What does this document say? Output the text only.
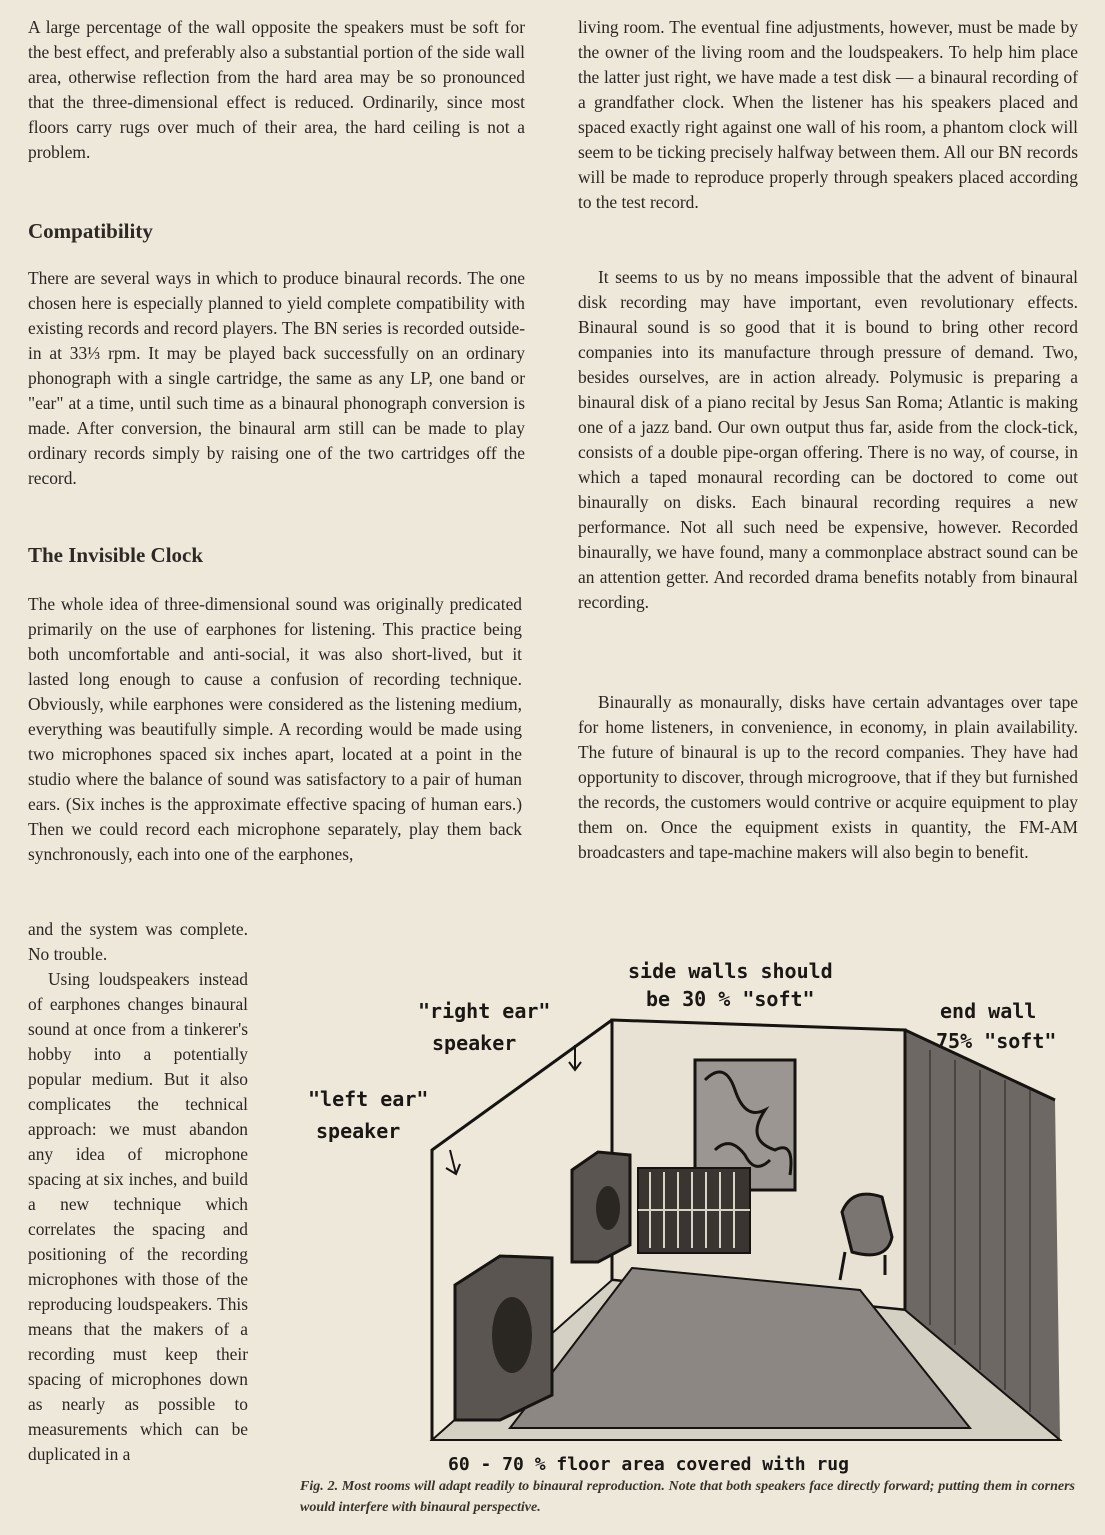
A large percentage of the wall opposite the speakers must be soft for the best effect, and preferably also a substantial portion of the side wall area, otherwise reflection from the hard area may be so pronounced that the three-dimensional effect is reduced. Ordinarily, since most floors carry rugs over much of their area, the hard ceiling is not a problem.

Compatibility

There are several ways in which to produce binaural records. The one chosen here is especially planned to yield complete compatibility with existing records and record players. The BN series is recorded outside-in at 33⅓ rpm. It may be played back successfully on an ordinary phonograph with a single cartridge, the same as any LP, one band or "ear" at a time, until such time as a binaural phonograph conversion is made. After conversion, the binaural arm still can be made to play ordinary records simply by raising one of the two cartridges off the record.

The Invisible Clock

The whole idea of three-dimensional sound was originally predicated primarily on the use of earphones for listening. This practice being both uncomfortable and anti-social, it was also short-lived, but it lasted long enough to cause a confusion of recording technique. Obviously, while earphones were considered as the listening medium, everything was beautifully simple. A recording would be made using two microphones spaced six inches apart, located at a point in the studio where the balance of sound was satisfactory to a pair of human ears. (Six inches is the approximate effective spacing of human ears.) Then we could record each microphone separately, play them back synchronously, each into one of the earphones,

and the system was complete. No trouble.

Using loudspeakers instead of earphones changes binaural sound at once from a tinkerer's hobby into a potentially popular medium. But it also complicates the technical approach: we must abandon any idea of microphone spacing at six inches, and build a new technique which correlates the spacing and positioning of the recording microphones with those of the reproducing loudspeakers. This means that the makers of a recording must keep their spacing of microphones down as nearly as possible to measurements which can be duplicated in a

living room. The eventual fine adjustments, however, must be made by the owner of the living room and the loudspeakers. To help him place the latter just right, we have made a test disk — a binaural recording of a grandfather clock. When the listener has his speakers placed and spaced exactly right against one wall of his room, a phantom clock will seem to be ticking precisely halfway between them. All our BN records will be made to reproduce properly through speakers placed according to the test record.

It seems to us by no means impossible that the advent of binaural disk recording may have important, even revolutionary effects. Binaural sound is so good that it is bound to bring other record companies into its manufacture through pressure of demand. Two, besides ourselves, are in action already. Polymusic is preparing a binaural disk of a piano recital by Jesus San Roma; Atlantic is making one of a jazz band. Our own output thus far, aside from the clock-tick, consists of a double pipe-organ offering. There is no way, of course, in which a taped monaural recording can be doctored to come out binaurally on disks. Each binaural recording requires a new performance. Not all such need be expensive, however. Recorded binaurally, we have found, many a commonplace abstract sound can be an attention getter. And recorded drama benefits notably from binaural recording.

Binaurally as monaurally, disks have certain advantages over tape for home listeners, in convenience, in economy, in plain availability. The future of binaural is up to the record companies. They have had opportunity to discover, through microgroove, that if they but furnished the records, the customers would contrive or acquire equipment to play them on. Once the equipment exists in quantity, the FM-AM broadcasters and tape-machine makers will also begin to benefit.

side walls should
be 30 % "soft"
"right ear"
speaker
end wall
75% "soft"
"left ear"
speaker
60 - 70 % floor area covered with rug

Fig. 2. Most rooms will adapt readily to binaural reproduction. Note that both speakers face directly forward; putting them in corners would interfere with binaural perspective.
